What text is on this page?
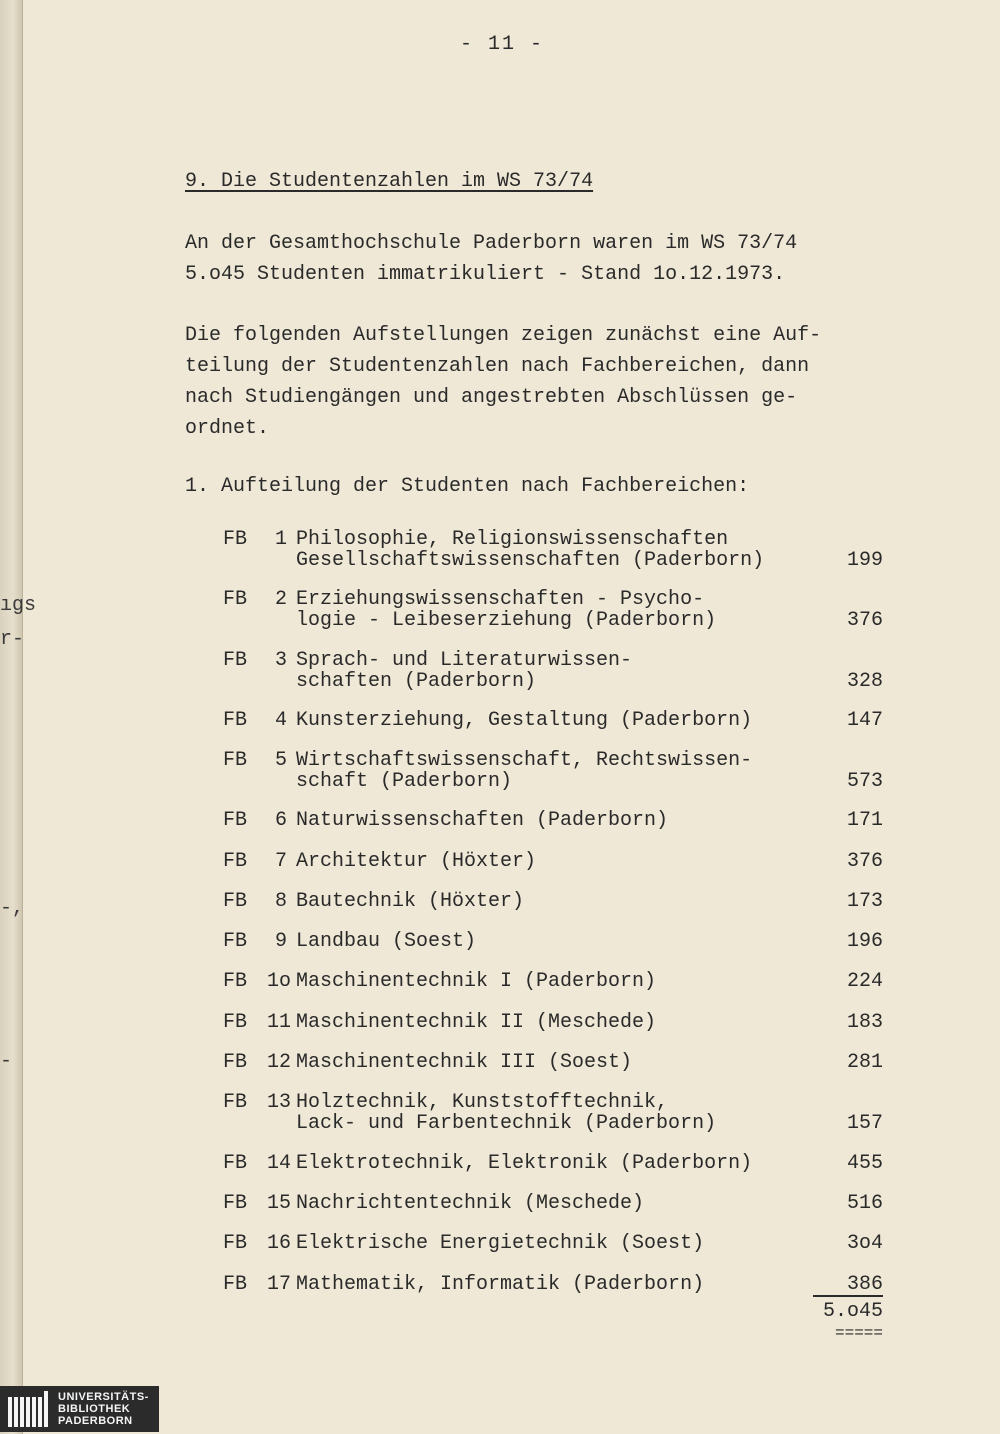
ıgs
r-
-,
-
- 11 -
9. Die Studentenzahlen im WS 73/74
An der Gesamthochschule Paderborn waren im WS 73/74
5.o45 Studenten immatrikuliert - Stand 1o.12.1973.
Die folgenden Aufstellungen zeigen zunächst eine Auf-
teilung der Studentenzahlen nach Fachbereichen, dann
nach Studiengängen und angestrebten Abschlüssen ge-
ordnet.
1. Aufteilung der Studenten nach Fachbereichen:
FB	1 Philosophie, Religionswissenschaften
Gesellschaftswissenschaften (Paderborn)	199
FB	2 Erziehungswissenschaften - Psycho-
logie - Leibeserziehung (Paderborn)	376
FB	3 Sprach- und Literaturwissen-
schaften (Paderborn)	328
FB	4 Kunsterziehung, Gestaltung (Paderborn)	147
FB	5 Wirtschaftswissenschaft, Rechtswissen-
schaft (Paderborn)	573
FB	6 Naturwissenschaften (Paderborn)	171
FB	7 Architektur (Höxter)	376
FB	8 Bautechnik (Höxter)	173
FB	9 Landbau (Soest)	196
FB 1o Maschinentechnik I (Paderborn)	224
FB 11 Maschinentechnik II (Meschede)	183
FB 12 Maschinentechnik III (Soest)	281
FB 13 Holztechnik, Kunststofftechnik,
Lack- und Farbentechnik (Paderborn)	157
FB 14 Elektrotechnik, Elektronik (Paderborn)	455
FB 15 Nachrichtentechnik (Meschede)	516
FB 16 Elektrische Energietechnik (Soest)	3o4
FB 17 Mathematik, Informatik (Paderborn)	386
5.o45
=====
UNIVERSITÄTS-
BIBLIOTHEK
PADERBORN
